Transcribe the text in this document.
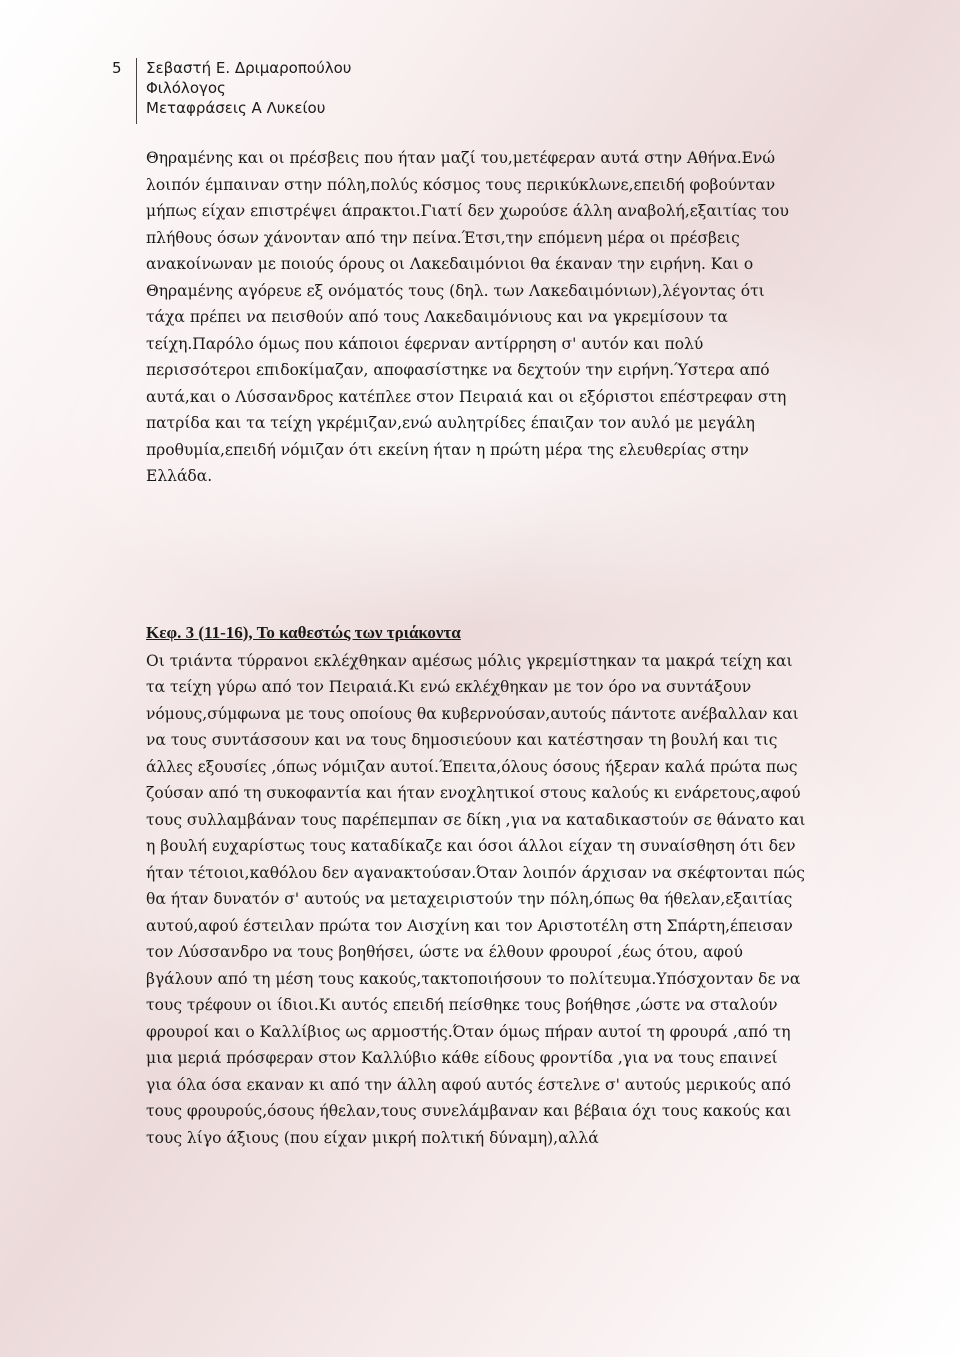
5	Σεβαστή Ε. Δριμαροπούλου
Φιλόλογος
Μεταφράσεις Α Λυκείου

Θηραμένης και οι πρέσβεις που ήταν μαζί του,μετέφεραν αυτά στην Αθήνα.Ενώ λοιπόν έμπαιναν στην πόλη,πολύς κόσμος τους περικύκλωνε,επειδή φοβούνταν μήπως είχαν επιστρέψει άπρακτοι.Γιατί δεν χωρούσε άλλη αναβολή,εξαιτίας του πλήθους όσων χάνονταν από την πείνα.Έτσι,την επόμενη μέρα οι πρέσβεις ανακοίνωναν με ποιούς όρους οι Λακεδαιμόνιοι θα έκαναν την ειρήνη. Και ο Θηραμένης αγόρευε εξ ονόματός τους (δηλ. των Λακεδαιμόνιων),λέγοντας ότι τάχα πρέπει να πεισθούν από τους Λακεδαιμόνιους και να γκρεμίσουν τα τείχη.Παρόλο όμως που κάποιοι έφερναν αντίρρηση σ' αυτόν και πολύ περισσότεροι επιδοκίμαζαν, αποφασίστηκε να δεχτούν την ειρήνη.Ύστερα από αυτά,και ο Λύσσανδρος κατέπλεε στον Πειραιά και οι εξόριστοι επέστρεφαν στη πατρίδα και τα τείχη γκρέμιζαν,ενώ αυλητρίδες έπαιζαν τον αυλό με μεγάλη προθυμία,επειδή νόμιζαν ότι εκείνη ήταν η πρώτη μέρα της ελευθερίας στην Ελλάδα.

Κεφ. 3 (11-16), Το καθεστώς των τριάκοντα

Οι τριάντα τύρρανοι εκλέχθηκαν αμέσως μόλις γκρεμίστηκαν τα μακρά τείχη και τα τείχη γύρω από τον Πειραιά.Κι ενώ εκλέχθηκαν με τον όρο να συντάξουν νόμους,σύμφωνα με τους οποίους θα κυβερνούσαν,αυτούς πάντοτε ανέβαλλαν και να τους συντάσσουν και να τους δημοσιεύουν και κατέστησαν τη βουλή και τις άλλες εξουσίες ,όπως νόμιζαν αυτοί.Έπειτα,όλους όσους ήξεραν καλά πρώτα πως ζούσαν από τη συκοφαντία και ήταν ενοχλητικοί στους καλούς κι ενάρετους,αφού τους συλλαμβάναν τους παρέπεμπαν σε δίκη ,για να καταδικαστούν σε θάνατο και η βουλή ευχαρίστως τους καταδίκαζε και όσοι άλλοι είχαν τη συναίσθηση ότι δεν ήταν τέτοιοι,καθόλου δεν αγανακτούσαν.Όταν λοιπόν άρχισαν να σκέφτονται πώς θα ήταν δυνατόν σ' αυτούς να μεταχειριστούν την πόλη,όπως θα ήθελαν,εξαιτίας αυτού,αφού έστειλαν πρώτα τον Αισχίνη και τον Αριστοτέλη στη Σπάρτη,έπεισαν τον Λύσσανδρο να τους βοηθήσει, ώστε να έλθουν φρουροί ,έως ότου, αφού βγάλουν από τη μέση τους κακούς,τακτοποιήσουν το πολίτευμα.Υπόσχονταν δε να τους τρέφουν οι ίδιοι.Κι αυτός επειδή πείσθηκε τους βοήθησε ,ώστε να σταλούν φρουροί και ο Καλλίβιος ως αρμοστής.Όταν όμως πήραν αυτοί τη φρουρά ,από τη μια μεριά πρόσφεραν στον Καλλύβιο κάθε είδους φροντίδα ,για να τους επαινεί για όλα όσα εκαναν κι από την άλλη αφού αυτός έστελνε σ' αυτούς μερικούς από τους φρουρούς,όσους ήθελαν,τους συνελάμβαναν και βέβαια όχι τους κακούς και τους λίγο άξιους (που είχαν μικρή πολτική δύναμη),αλλά
